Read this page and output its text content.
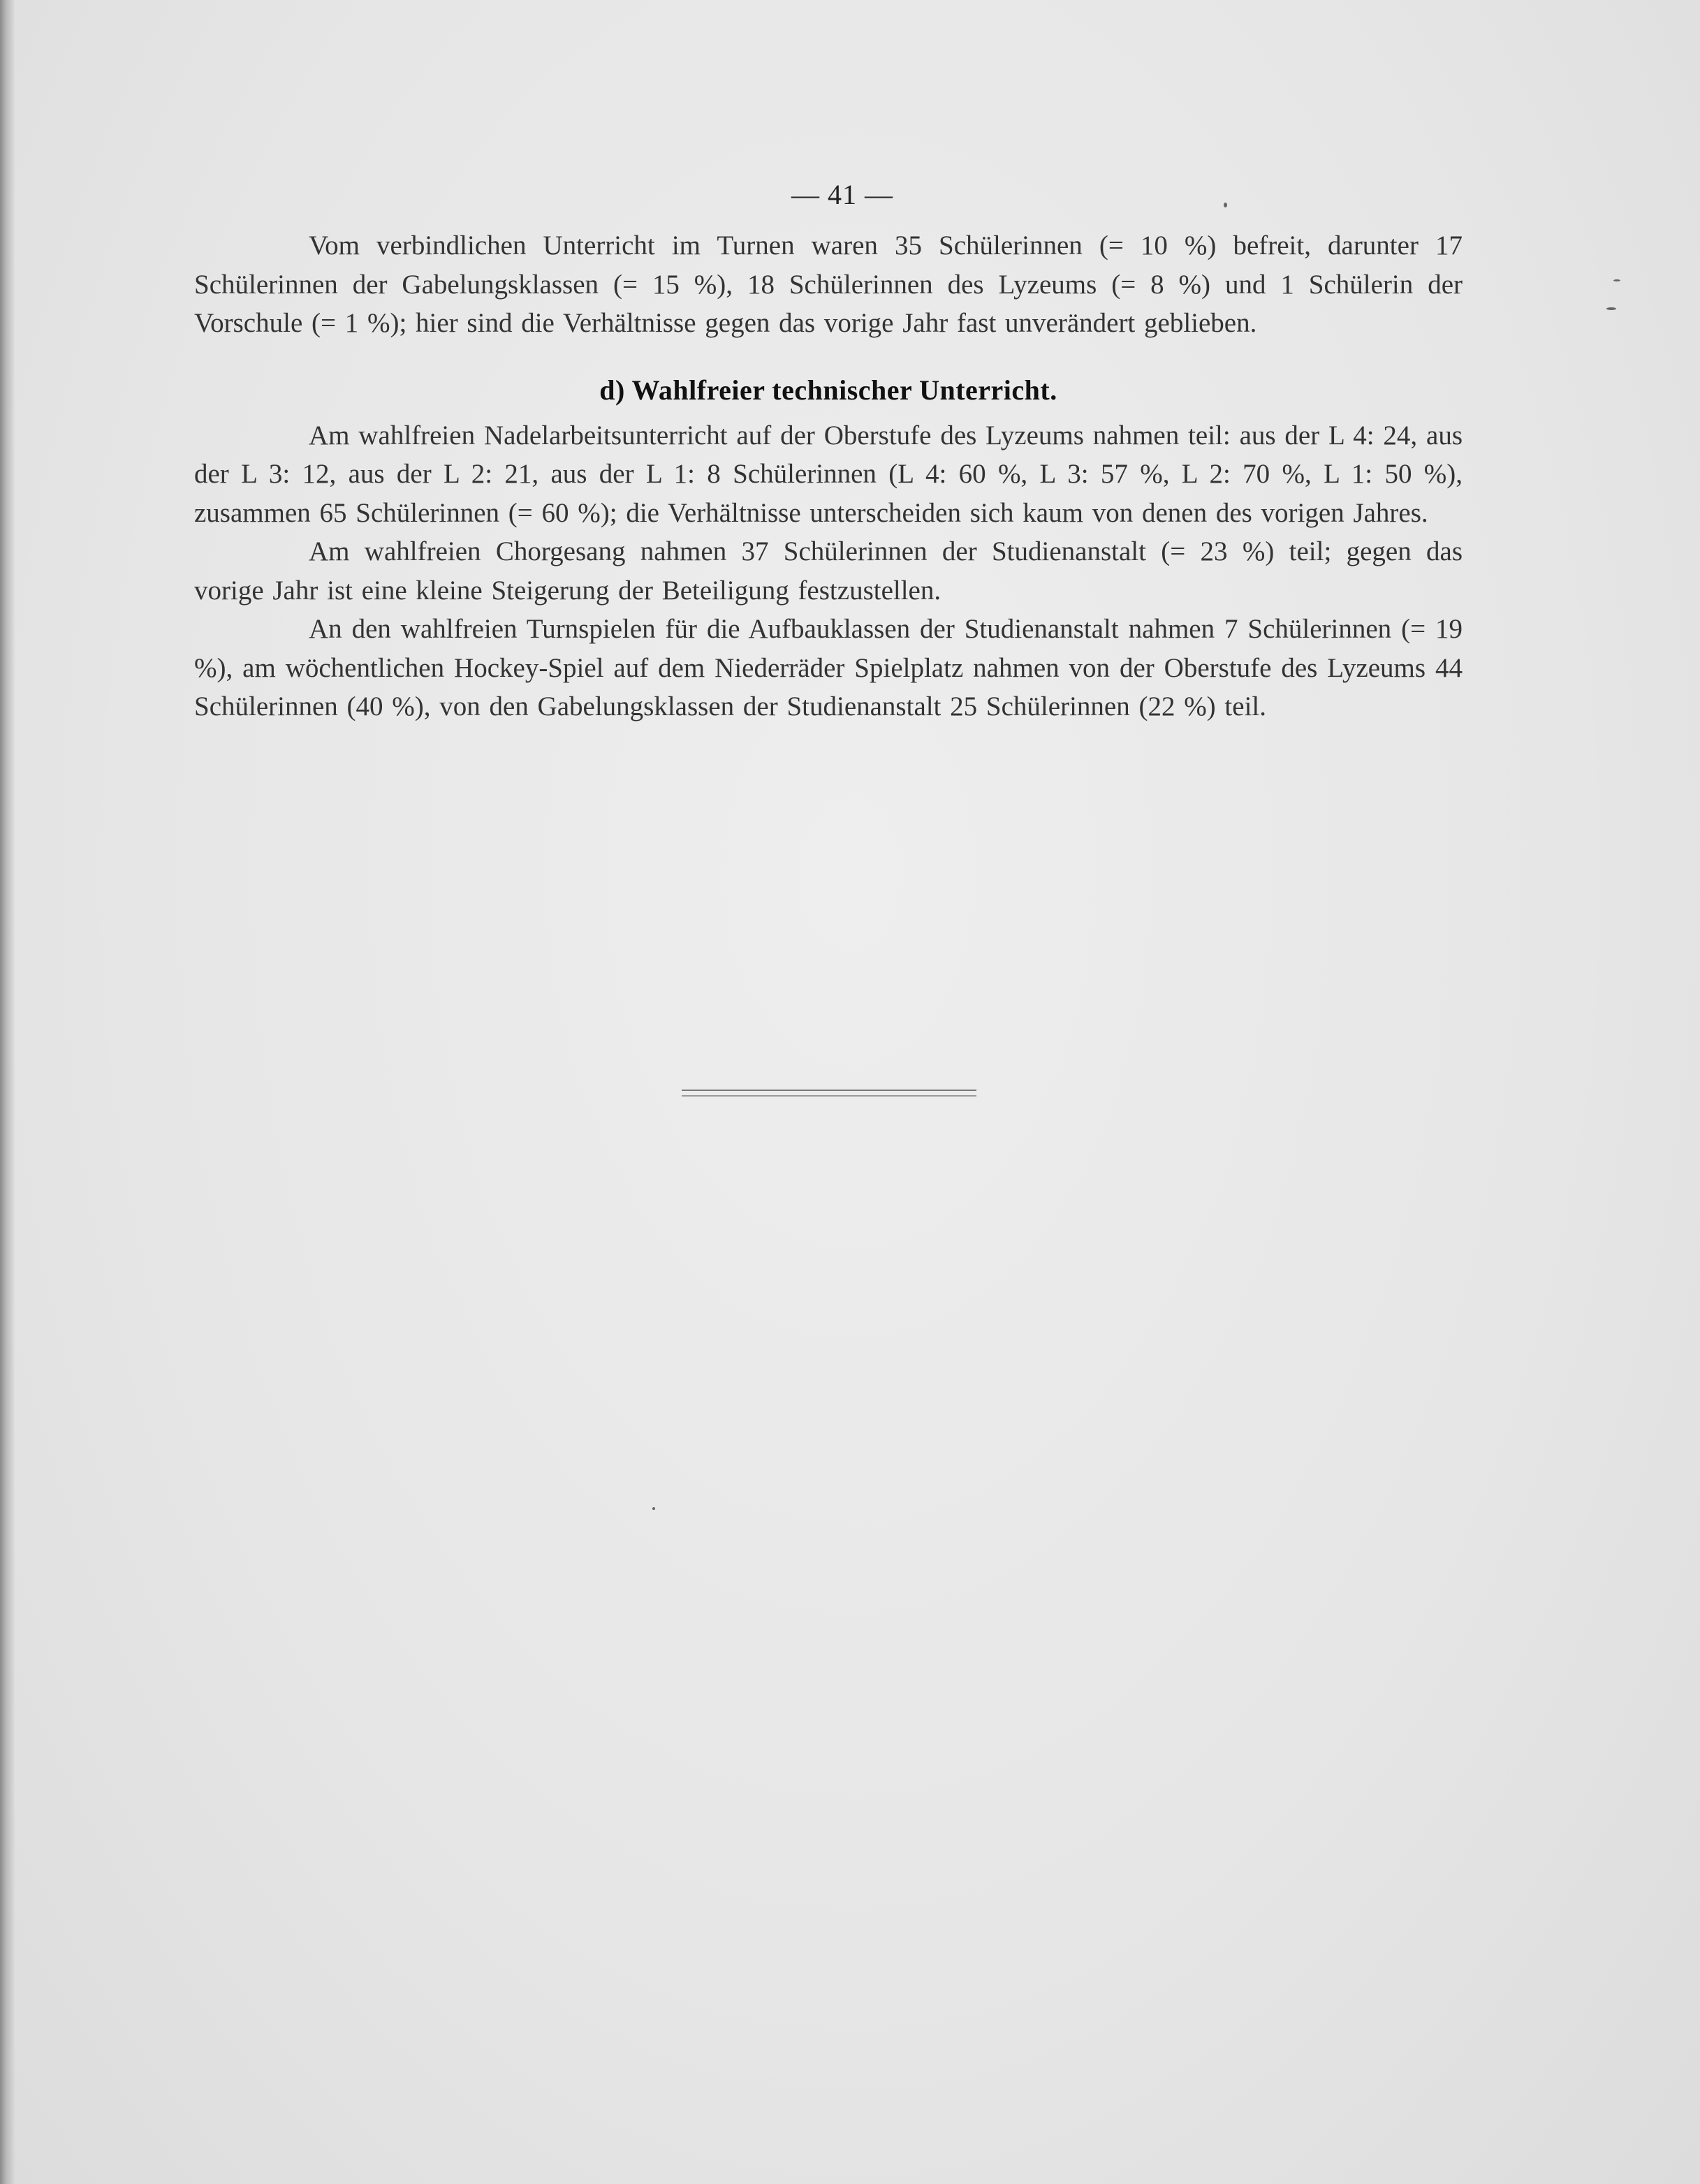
— 41 —

Vom verbindlichen Unterricht im Turnen waren 35 Schülerinnen (= 10 %) befreit, darunter 17 Schülerinnen der Gabelungsklassen (= 15 %), 18 Schülerinnen des Lyzeums (= 8 %) und 1 Schülerin der Vorschule (= 1 %); hier sind die Verhältnisse gegen das vorige Jahr fast unverändert geblieben.

d) Wahlfreier technischer Unterricht.

Am wahlfreien Nadelarbeitsunterricht auf der Oberstufe des Lyzeums nahmen teil: aus der L 4: 24, aus der L 3: 12, aus der L 2: 21, aus der L 1: 8 Schülerinnen (L 4: 60 %, L 3: 57 %, L 2: 70 %, L 1: 50 %), zusammen 65 Schülerinnen (= 60 %); die Verhältnisse unterscheiden sich kaum von denen des vorigen Jahres.

Am wahlfreien Chorgesang nahmen 37 Schülerinnen der Studienanstalt (= 23 %) teil; gegen das vorige Jahr ist eine kleine Steigerung der Beteiligung festzustellen.

An den wahlfreien Turnspielen für die Aufbauklassen der Studienanstalt nahmen 7 Schülerinnen (= 19 %), am wöchentlichen Hockey-Spiel auf dem Niederräder Spielplatz nahmen von der Oberstufe des Lyzeums 44 Schülerinnen (40 %), von den Gabelungsklassen der Studienanstalt 25 Schülerinnen (22 %) teil.
